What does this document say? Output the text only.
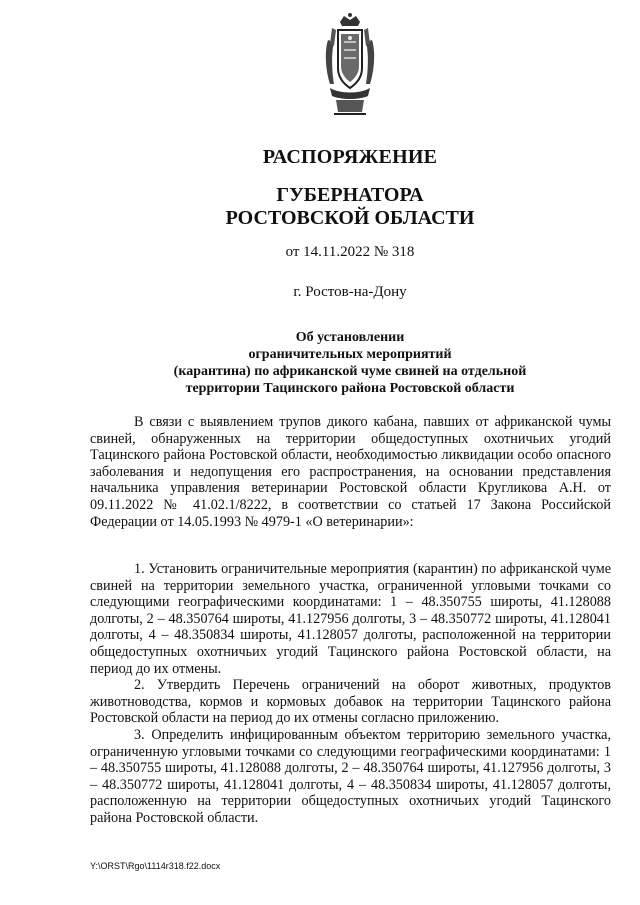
РАСПОРЯЖЕНИЕ
ГУБЕРНАТОРА
РОСТОВСКОЙ ОБЛАСТИ
от 14.11.2022 № 318
г. Ростов-на-Дону
Об установлении
ограничительных мероприятий
(карантина) по африканской чуме свиней на отдельной
территории Тацинского района Ростовской области

В связи с выявлением трупов дикого кабана, павших от африканской чумы свиней, обнаруженных на территории общедоступных охотничьих угодий Тацинского района Ростовской области, необходимостью ликвидации особо опасного заболевания и недопущения его распространения, на основании представления начальника управления ветеринарии Ростовской области Кругликова А.Н. от 09.11.2022 № 41.02.1/8222, в соответствии со статьей 17 Закона Российской Федерации от 14.05.1993 № 4979-1 «О ветеринарии»:

1. Установить ограничительные мероприятия (карантин) по африканской чуме свиней на территории земельного участка, ограниченной угловыми точками со следующими географическими координатами: 1 – 48.350755 широты, 41.128088 долготы, 2 – 48.350764 широты, 41.127956 долготы, 3 – 48.350772 широты, 41.128041 долготы, 4 – 48.350834 широты, 41.128057 долготы, расположенной на территории общедоступных охотничьих угодий Тацинского района Ростовской области, на период до их отмены.

2. Утвердить Перечень ограничений на оборот животных, продуктов животноводства, кормов и кормовых добавок на территории Тацинского района Ростовской области на период до их отмены согласно приложению.

3. Определить инфицированным объектом территорию земельного участка, ограниченную угловыми точками со следующими географическими координатами: 1 – 48.350755 широты, 41.128088 долготы, 2 – 48.350764 широты, 41.127956 долготы, 3 – 48.350772 широты, 41.128041 долготы, 4 – 48.350834 широты, 41.128057 долготы, расположенную на территории общедоступных охотничьих угодий Тацинского района Ростовской области.

Y:\ORST\Rgo\1114r318.f22.docx
